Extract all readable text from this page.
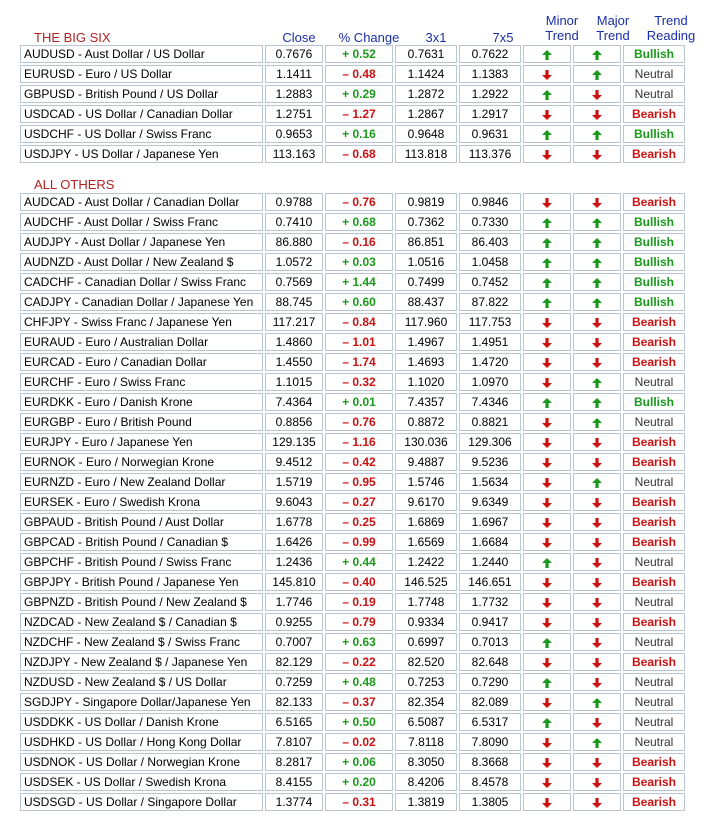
THE BIG SIX
ALL OTHERS
Close	% Change	3x1	7x5
Minor Trend
Major Trend
Trend Reading
AUDUSD - Aust Dollar / US Dollar	0.7676	+ 0.52	0.7631	0.7622			Bullish
EURUSD - Euro / US Dollar	1.1411	– 0.48	1.1424	1.1383			Neutral
GBPUSD - British Pound / US Dollar	1.2883	+ 0.29	1.2872	1.2922			Neutral
USDCAD - US Dollar / Canadian Dollar	1.2751	– 1.27	1.2867	1.2917			Bearish
USDCHF - US Dollar / Swiss Franc	0.9653	+ 0.16	0.9648	0.9631			Bullish
USDJPY - US Dollar / Japanese Yen	113.163	– 0.68	113.818	113.376			Bearish
AUDCAD - Aust Dollar / Canadian Dollar	0.9788	– 0.76	0.9819	0.9846			Bearish
AUDCHF - Aust Dollar / Swiss Franc	0.7410	+ 0.68	0.7362	0.7330			Bullish
AUDJPY - Aust Dollar / Japanese Yen	86.880	– 0.16	86.851	86.403			Bullish
AUDNZD - Aust Dollar / New Zealand $	1.0572	+ 0.03	1.0516	1.0458			Bullish
CADCHF - Canadian Dollar / Swiss Franc	0.7569	+ 1.44	0.7499	0.7452			Bullish
CADJPY - Canadian Dollar / Japanese Yen	88.745	+ 0.60	88.437	87.822			Bullish
CHFJPY - Swiss Franc / Japanese Yen	117.217	– 0.84	117.960	117.753			Bearish
EURAUD - Euro / Australian Dollar	1.4860	– 1.01	1.4967	1.4951			Bearish
EURCAD - Euro / Canadian Dollar	1.4550	– 1.74	1.4693	1.4720			Bearish
EURCHF - Euro / Swiss Franc	1.1015	– 0.32	1.1020	1.0970			Neutral
EURDKK - Euro / Danish Krone	7.4364	+ 0.01	7.4357	7.4346			Bullish
EURGBP - Euro / British Pound	0.8856	– 0.76	0.8872	0.8821			Neutral
EURJPY - Euro / Japanese Yen	129.135	– 1.16	130.036	129.306			Bearish
EURNOK - Euro / Norwegian Krone	9.4512	– 0.42	9.4887	9.5236			Bearish
EURNZD - Euro / New Zealand Dollar	1.5719	– 0.95	1.5746	1.5634			Neutral
EURSEK - Euro / Swedish Krona	9.6043	– 0.27	9.6170	9.6349			Bearish
GBPAUD - British Pound / Aust Dollar	1.6778	– 0.25	1.6869	1.6967			Bearish
GBPCAD - British Pound / Canadian $	1.6426	– 0.99	1.6569	1.6684			Bearish
GBPCHF - British Pound / Swiss Franc	1.2436	+ 0.44	1.2422	1.2440			Neutral
GBPJPY - British Pound / Japanese Yen	145.810	– 0.40	146.525	146.651			Bearish
GBPNZD - British Pound / New Zealand $	1.7746	– 0.19	1.7748	1.7732			Neutral
NZDCAD - New Zealand $ / Canadian $	0.9255	– 0.79	0.9334	0.9417			Bearish
NZDCHF - New Zealand $ / Swiss Franc	0.7007	+ 0.63	0.6997	0.7013			Neutral
NZDJPY - New Zealand $ / Japanese Yen	82.129	– 0.22	82.520	82.648			Bearish
NZDUSD - New Zealand $ / US Dollar	0.7259	+ 0.48	0.7253	0.7290			Neutral
SGDJPY - Singapore Dollar/Japanese Yen	82.133	– 0.37	82.354	82.089			Neutral
USDDKK - US Dollar / Danish Krone	6.5165	+ 0.50	6.5087	6.5317			Neutral
USDHKD - US Dollar / Hong Kong Dollar	7.8107	– 0.02	7.8118	7.8090			Neutral
USDNOK - US Dollar / Norwegian Krone	8.2817	+ 0.06	8.3050	8.3668			Bearish
USDSEK - US Dollar / Swedish Krona	8.4155	+ 0.20	8.4206	8.4578			Bearish
USDSGD - US Dollar / Singapore Dollar	1.3774	– 0.31	1.3819	1.3805			Bearish
